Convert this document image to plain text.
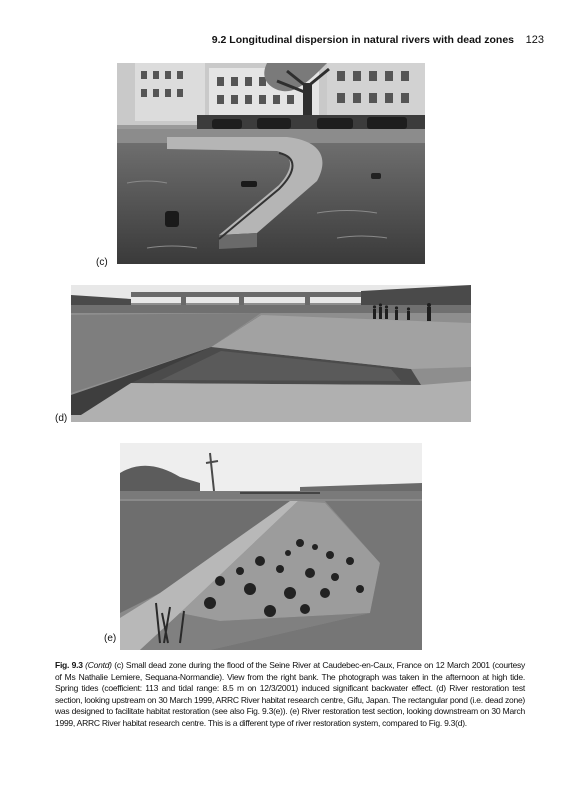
9.2 Longitudinal dispersion in natural rivers with dead zones 123
(c)
(d)
(e)
Fig. 9.3 (Contd) (c) Small dead zone during the flood of the Seine River at Caudebec-en-Caux, France on 12 March 2001 (courtesy of Ms Nathalie Lemiere, Sequana-Normandie). View from the right bank. The photograph was taken in the afternoon at high tide. Spring tides (coefficient: 113 and tidal range: 8.5 m on 12/3/2001) induced significant backwater effect. (d) River restoration test section, looking upstream on 30 March 1999, ARRC River habitat research centre, Gifu, Japan. The rectangular pond (i.e. dead zone) was designed to facilitate habitat restoration (see also Fig. 9.3(e)). (e) River restoration test section, looking downstream on 30 March 1999, ARRC River habitat research centre. This is a different type of river restoration system, compared to Fig. 9.3(d).
